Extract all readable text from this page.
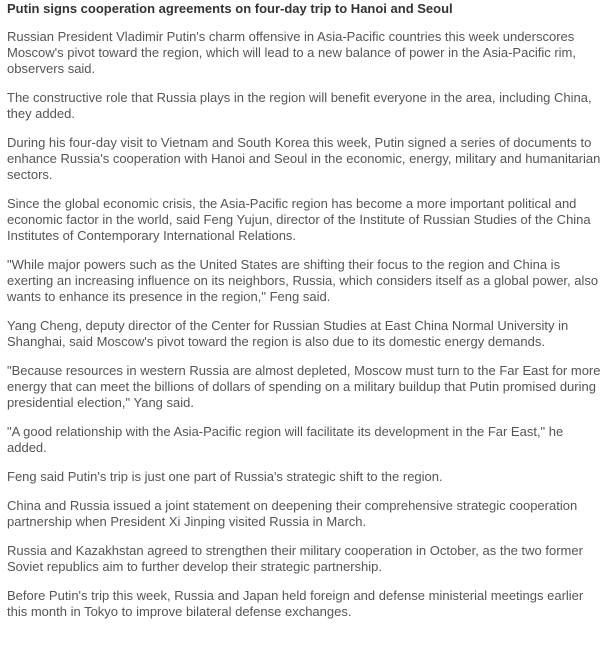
Putin signs cooperation agreements on four-day trip to Hanoi and Seoul

Russian President Vladimir Putin's charm offensive in Asia-Pacific countries this week underscores Moscow's pivot toward the region, which will lead to a new balance of power in the Asia-Pacific rim, observers said.

The constructive role that Russia plays in the region will benefit everyone in the area, including China, they added.

During his four-day visit to Vietnam and South Korea this week, Putin signed a series of documents to enhance Russia's cooperation with Hanoi and Seoul in the economic, energy, military and humanitarian sectors.

Since the global economic crisis, the Asia-Pacific region has become a more important political and economic factor in the world, said Feng Yujun, director of the Institute of Russian Studies of the China Institutes of Contemporary International Relations.

"While major powers such as the United States are shifting their focus to the region and China is exerting an increasing influence on its neighbors, Russia, which considers itself as a global power, also wants to enhance its presence in the region," Feng said.

Yang Cheng, deputy director of the Center for Russian Studies at East China Normal University in Shanghai, said Moscow's pivot toward the region is also due to its domestic energy demands.

"Because resources in western Russia are almost depleted, Moscow must turn to the Far East for more energy that can meet the billions of dollars of spending on a military buildup that Putin promised during presidential election," Yang said.

"A good relationship with the Asia-Pacific region will facilitate its development in the Far East," he added.

Feng said Putin's trip is just one part of Russia's strategic shift to the region.

China and Russia issued a joint statement on deepening their comprehensive strategic cooperation partnership when President Xi Jinping visited Russia in March.

Russia and Kazakhstan agreed to strengthen their military cooperation in October, as the two former Soviet republics aim to further develop their strategic partnership.

Before Putin's trip this week, Russia and Japan held foreign and defense ministerial meetings earlier this month in Tokyo to improve bilateral defense exchanges.
